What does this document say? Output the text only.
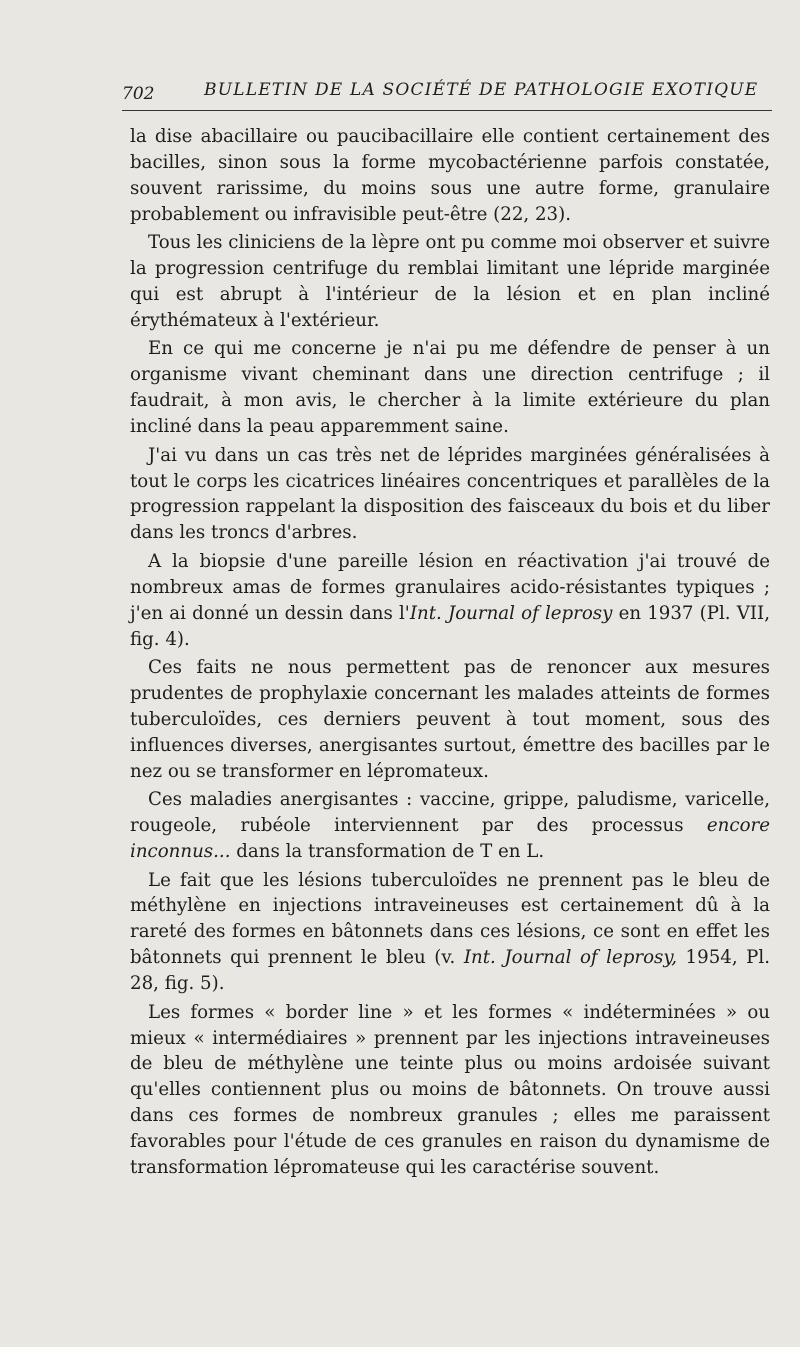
702	BULLETIN DE LA SOCIÉTÉ DE PATHOLOGIE EXOTIQUE

la dise abacillaire ou paucibacillaire elle contient certainement des bacilles, sinon sous la forme mycobactérienne parfois constatée, souvent rarissime, du moins sous une autre forme, granulaire probablement ou infravisible peut-être (22, 23).

Tous les cliniciens de la lèpre ont pu comme moi observer et suivre la progression centrifuge du remblai limitant une lépride marginée qui est abrupt à l'intérieur de la lésion et en plan incliné érythémateux à l'extérieur.

En ce qui me concerne je n'ai pu me défendre de penser à un organisme vivant cheminant dans une direction centrifuge ; il faudrait, à mon avis, le chercher à la limite extérieure du plan incliné dans la peau apparemment saine.

J'ai vu dans un cas très net de léprides marginées généralisées à tout le corps les cicatrices linéaires concentriques et parallèles de la progression rappelant la disposition des faisceaux du bois et du liber dans les troncs d'arbres.

A la biopsie d'une pareille lésion en réactivation j'ai trouvé de nombreux amas de formes granulaires acido-résistantes typiques ; j'en ai donné un dessin dans l'Int. Journal of leprosy en 1937 (Pl. VII, fig. 4).

Ces faits ne nous permettent pas de renoncer aux mesures prudentes de prophylaxie concernant les malades atteints de formes tuberculoïdes, ces derniers peuvent à tout moment, sous des influences diverses, anergisantes surtout, émettre des bacilles par le nez ou se transformer en lépromateux.

Ces maladies anergisantes : vaccine, grippe, paludisme, varicelle, rougeole, rubéole interviennent par des processus encore inconnus... dans la transformation de T en L.

Le fait que les lésions tuberculoïdes ne prennent pas le bleu de méthylène en injections intraveineuses est certainement dû à la rareté des formes en bâtonnets dans ces lésions, ce sont en effet les bâtonnets qui prennent le bleu (v. Int. Journal of leprosy, 1954, Pl. 28, fig. 5).

Les formes « border line » et les formes « indéterminées » ou mieux « intermédiaires » prennent par les injections intraveineuses de bleu de méthylène une teinte plus ou moins ardoisée suivant qu'elles contiennent plus ou moins de bâtonnets. On trouve aussi dans ces formes de nombreux granules ; elles me paraissent favorables pour l'étude de ces granules en raison du dynamisme de transformation lépromateuse qui les caractérise souvent.
